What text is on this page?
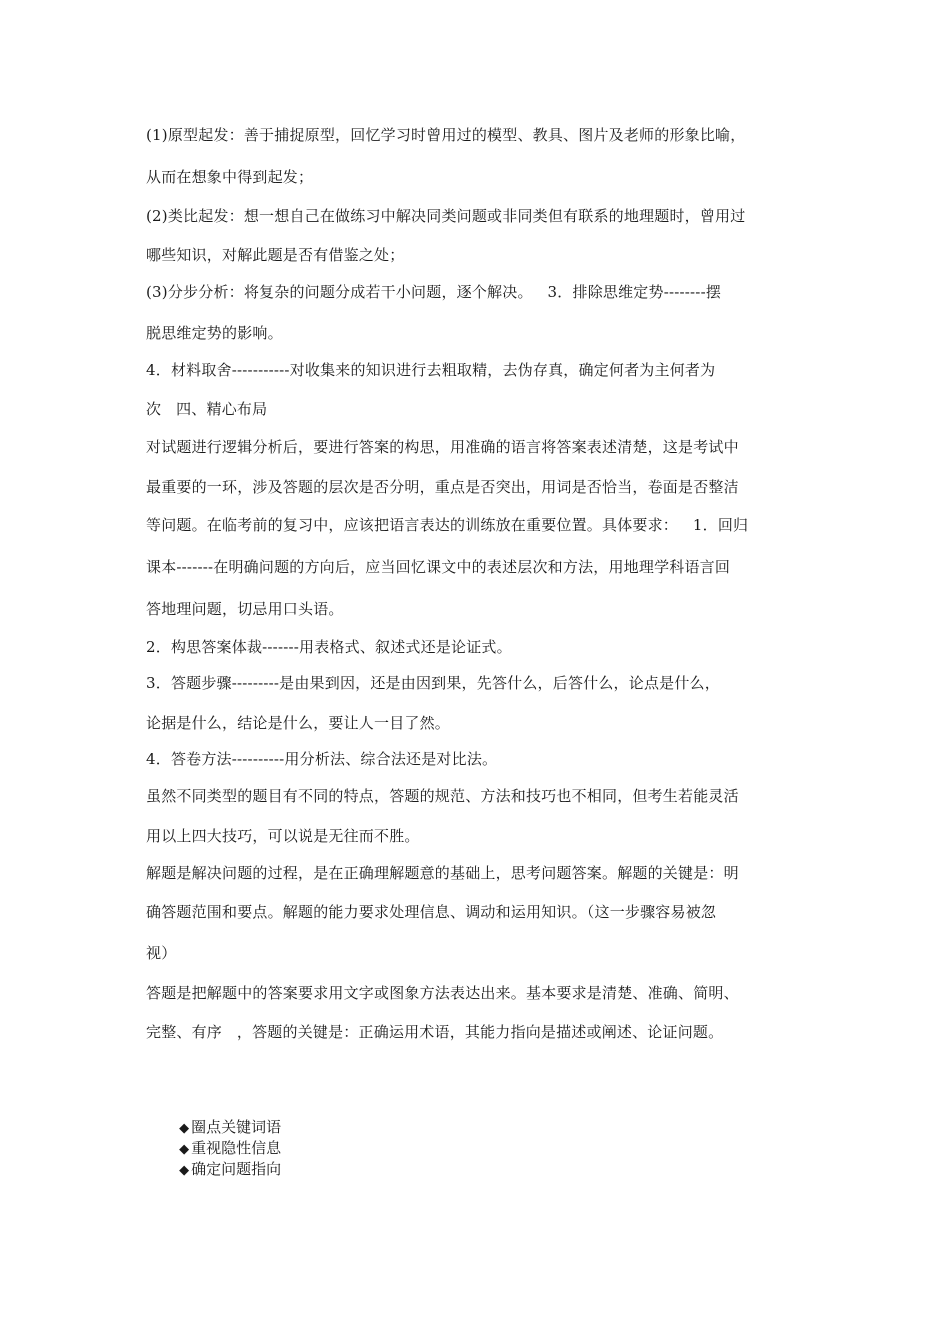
(1)原型起发：善于捕捉原型，回忆学习时曾用过的模型、教具、图片及老师的形象比喻，
从而在想象中得到起发；
(2)类比起发：想一想自己在做练习中解决同类问题或非同类但有联系的地理题时，曾用过
哪些知识，对解此题是否有借鉴之处；
(3)分步分析：将复杂的问题分成若干小问题，逐个解决。   3．排除思维定势--------摆
脱思维定势的影响。
4．材料取舍-----------对收集来的知识进行去粗取精，去伪存真，确定何者为主何者为
次   四、精心布局
对试题进行逻辑分析后，要进行答案的构思，用准确的语言将答案表述清楚，这是考试中
最重要的一环，涉及答题的层次是否分明，重点是否突出，用词是否恰当，卷面是否整洁
等问题。在临考前的复习中，应该把语言表达的训练放在重要位置。具体要求：   1．回归
课本-------在明确问题的方向后，应当回忆课文中的表述层次和方法，用地理学科语言回
答地理问题，切忌用口头语。
2．构思答案体裁-------用表格式、叙述式还是论证式。
3．答题步骤---------是由果到因，还是由因到果，先答什么，后答什么，论点是什么，
论据是什么，结论是什么，要让人一目了然。
4．答卷方法----------用分析法、综合法还是对比法。
虽然不同类型的题目有不同的特点，答题的规范、方法和技巧也不相同，但考生若能灵活
用以上四大技巧，可以说是无往而不胜。
解题是解决问题的过程，是在正确理解题意的基础上，思考问题答案。解题的关键是：明
确答题范围和要点。解题的能力要求处理信息、调动和运用知识。（这一步骤容易被忽
视）
答题是把解题中的答案要求用文字或图象方法表达出来。基本要求是清楚、准确、简明、
完整、有序   ，答题的关键是：正确运用术语，其能力指向是描述或阐述、论证问题。

◆ 圈点关键词语
◆ 重视隐性信息
◆ 确定问题指向
